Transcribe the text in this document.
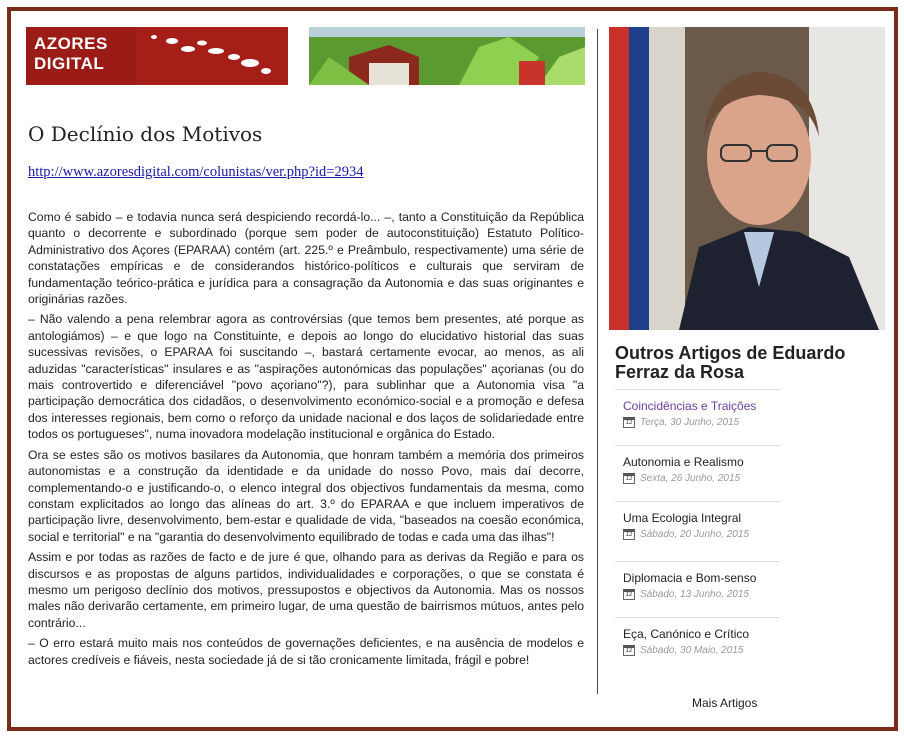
AZORES
DIGITAL
O Declínio dos Motivos
http://www.azoresdigital.com/colunistas/ver.php?id=2934

Como é sabido – e todavia nunca será despiciendo recordá-lo... –, tanto a Constituição da República quanto o decorrente e subordinado (porque sem poder de autoconstituição) Estatuto Político-Administrativo dos Açores (EPARAA) contém (art. 225.º e Preâmbulo, respectivamente) uma série de constatações empíricas e de considerandos histórico-políticos e culturais que serviram de fundamentação teórico-prática e jurídica para a consagração da Autonomia e das suas originantes e originárias razões.

– Não valendo a pena relembrar agora as controvérsias (que temos bem presentes, até porque as antologiámos) – e que logo na Constituinte, e depois ao longo do elucidativo historial das suas sucessivas revisões, o EPARAA foi suscitando –, bastará certamente evocar, ao menos, as ali aduzidas "características" insulares e as "aspirações autonómicas das populações" açorianas (ou do mais controvertido e diferenciável "povo açoriano"?), para sublinhar que a Autonomia visa "a participação democrática dos cidadãos, o desenvolvimento económico-social e a promoção e defesa dos interesses regionais, bem como o reforço da unidade nacional e dos laços de solidariedade entre todos os portugueses", numa inovadora modelação institucional e orgânica do Estado.

Ora se estes são os motivos basilares da Autonomia, que honram também a memória dos primeiros autonomistas e a construção da identidade e da unidade do nosso Povo, mais daí decorre, complementando-o e justificando-o, o elenco integral dos objectivos fundamentais da mesma, como constam explicitados ao longo das alíneas do art. 3.º do EPARAA e que incluem imperativos de participação livre, desenvolvimento, bem-estar e qualidade de vida, "baseados na coesão económica, social e territorial" e na "garantia do desenvolvimento equilibrado de todas e cada uma das ilhas"!

Assim e por todas as razões de facto e de jure é que, olhando para as derivas da Região e para os discursos e as propostas de alguns partidos, individualidades e corporações, o que se constata é mesmo um perigoso declínio dos motivos, pressupostos e objectivos da Autonomia. Mas os nossos males não derivarão certamente, em primeiro lugar, de uma questão de bairrismos mútuos, antes pelo contrário...

– O erro estará muito mais nos conteúdos de governações deficientes, e na ausência de modelos e actores credíveis e fiáveis, nesta sociedade já de si tão cronicamente limitada, frágil e pobre!

Outros Artigos de Eduardo Ferraz da Rosa
Coincidências e Traições
12 Terça, 30 Junho, 2015
Autonomia e Realismo
12 Sexta, 26 Junho, 2015
Uma Ecologia Integral
12 Sábado, 20 Junho, 2015
Diplomacia e Bom-senso
12 Sábado, 13 Junho, 2015
Eça, Canónico e Crítico
12 Sábado, 30 Maio, 2015
Mais Artigos
